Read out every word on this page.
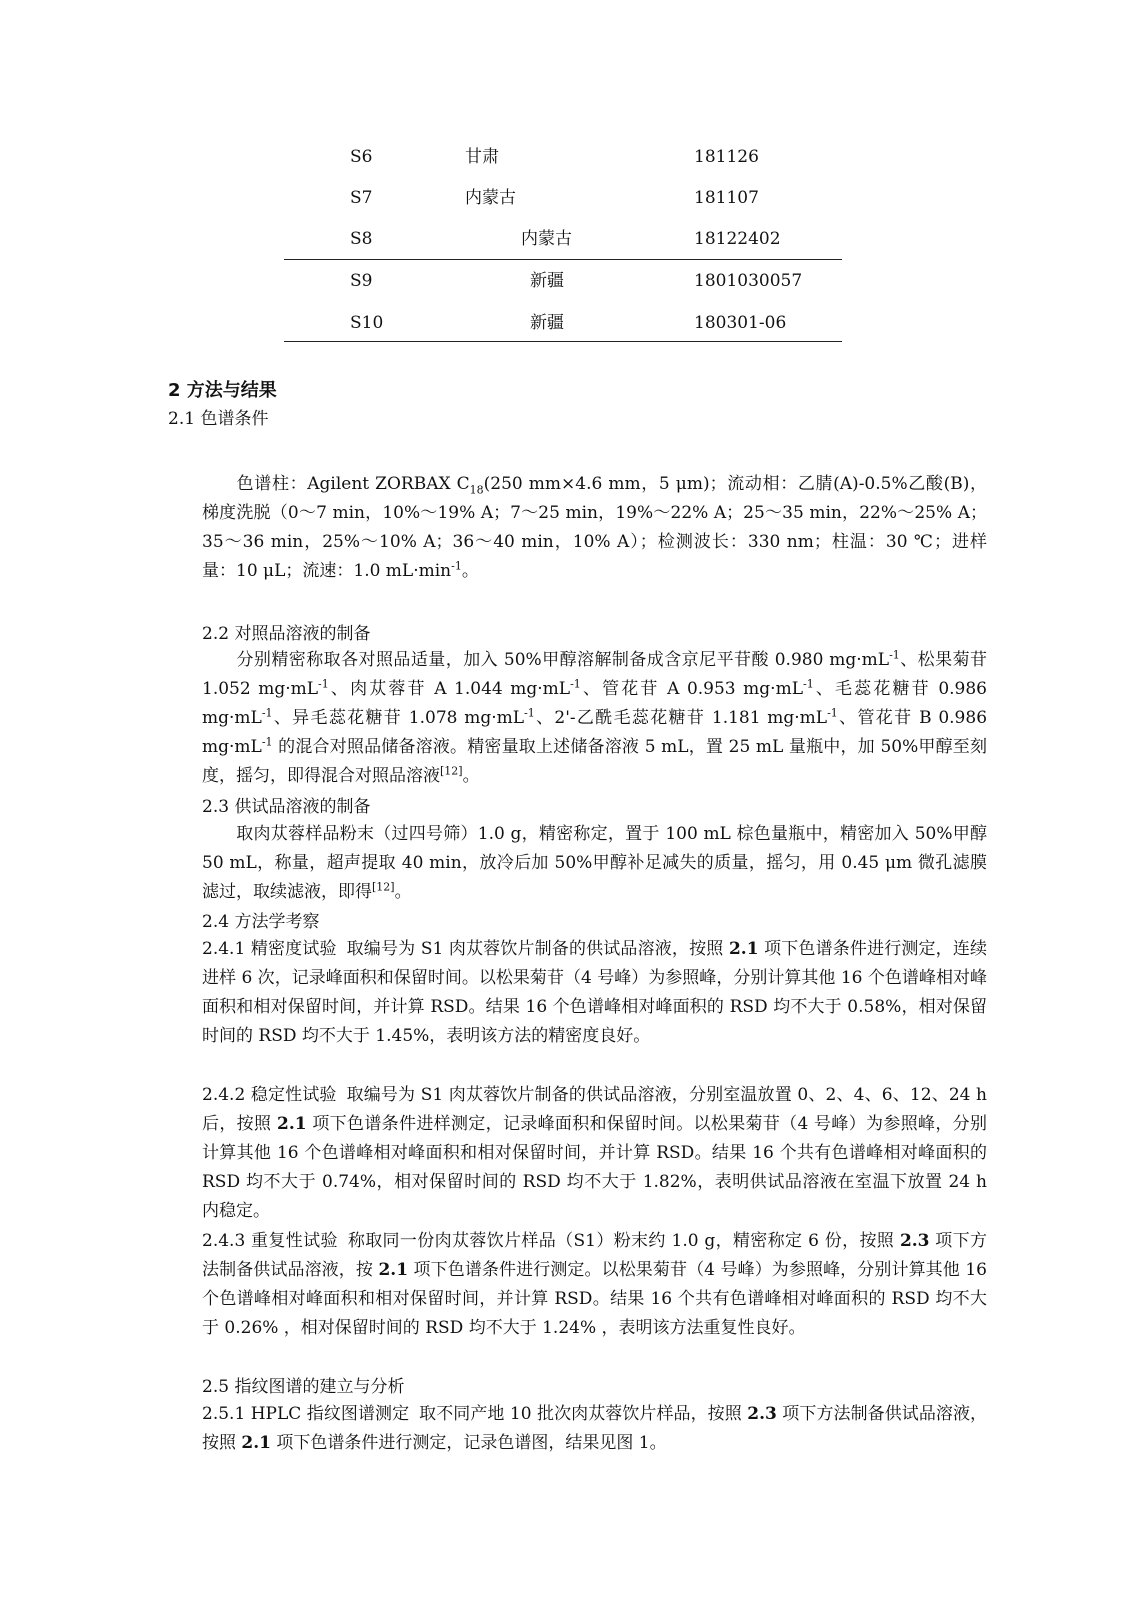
S6	甘肃	181126
S7	内蒙古	181107
S8	内蒙古	18122402
S9	新疆	1801030057
S10	新疆	180301-06
2 方法与结果
2.1 色谱条件
色谱柱：Agilent ZORBAX $C_{18}(250$ mm×4.6 mm，5 μm)；流动相：乙腈(A)-0.5%乙酸(B)，梯度洗脱（0～7 min，10%～19% A；7～25 min，19%～22% A；25～35 min，22%～25% A；35～36 min，25%～10% A；36～40 min，10% A）；检测波长：330 nm；柱温：30 ℃；进样量：10 μL；流速：1.0 $mL\cdot\min^{-1}$。
2.2 对照品溶液的制备
分别精密称取各对照品适量，加入 50%甲醇溶解制备成含京尼平苷酸 0.980 $mg\cdot mL^{-1}$、松果菊苷 1.052 $mg\cdot mL^{-1}$、肉苁蓉苷 A 1.044 $mg\cdot mL^{-1}$、管花苷 A 0.953 $mg\cdot mL^{-1}$、毛蕊花糖苷 0.986 $mg\cdot mL^{-1}$、异毛蕊花糖苷 1.078 $mg\cdot mL^{-1}$、2'-乙酰毛蕊花糖苷 1.181 $mg\cdot mL^{-1}$、管花苷 B 0.986 $mg\cdot mL^{-1}$ 的混合对照品储备溶液。精密量取上述储备溶液 5 mL，置 25 mL 量瓶中，加 50%甲醇至刻度，摇匀，即得混合对照品溶液[12]。
2.3 供试品溶液的制备
取肉苁蓉样品粉末（过四号筛）1.0 g，精密称定，置于 100 mL 棕色量瓶中，精密加入 50%甲醇 50 mL，称量，超声提取 40 min，放冷后加 50%甲醇补足减失的质量，摇匀，用 0.45 μm 微孔滤膜滤过，取续滤液，即得[12]。
2.4 方法学考察
2.4.1 精密度试验 取编号为 S1 肉苁蓉饮片制备的供试品溶液，按照 2.1 项下色谱条件进行测定，连续进样 6 次，记录峰面积和保留时间。以松果菊苷（4 号峰）为参照峰，分别计算其他 16 个色谱峰相对峰面积和相对保留时间，并计算 RSD。结果 16 个色谱峰相对峰面积的 RSD 均不大于 0.58%，相对保留时间的 RSD 均不大于 1.45%，表明该方法的精密度良好。
2.4.2 稳定性试验 取编号为 S1 肉苁蓉饮片制备的供试品溶液，分别室温放置 0、2、4、6、12、24 h 后，按照 2.1 项下色谱条件进样测定，记录峰面积和保留时间。以松果菊苷（4 号峰）为参照峰，分别计算其他 16 个色谱峰相对峰面积和相对保留时间，并计算 RSD。结果 16 个共有色谱峰相对峰面积的 RSD 均不大于 0.74%，相对保留时间的 RSD 均不大于 1.82%，表明供试品溶液在室温下放置 24 h 内稳定。
2.4.3 重复性试验 称取同一份肉苁蓉饮片样品（S1）粉末约 1.0 g，精密称定 6 份，按照 2.3 项下方法制备供试品溶液，按 2.1 项下色谱条件进行测定。以松果菊苷（4 号峰）为参照峰，分别计算其他 16 个色谱峰相对峰面积和相对保留时间，并计算 RSD。结果 16 个共有色谱峰相对峰面积的 RSD 均不大于 0.26% ，相对保留时间的 RSD 均不大于 1.24% ，表明该方法重复性良好。
2.5 指纹图谱的建立与分析
2.5.1 HPLC 指纹图谱测定 取不同产地 10 批次肉苁蓉饮片样品，按照 2.3 项下方法制备供试品溶液，按照 2.1 项下色谱条件进行测定，记录色谱图，结果见图 1。
